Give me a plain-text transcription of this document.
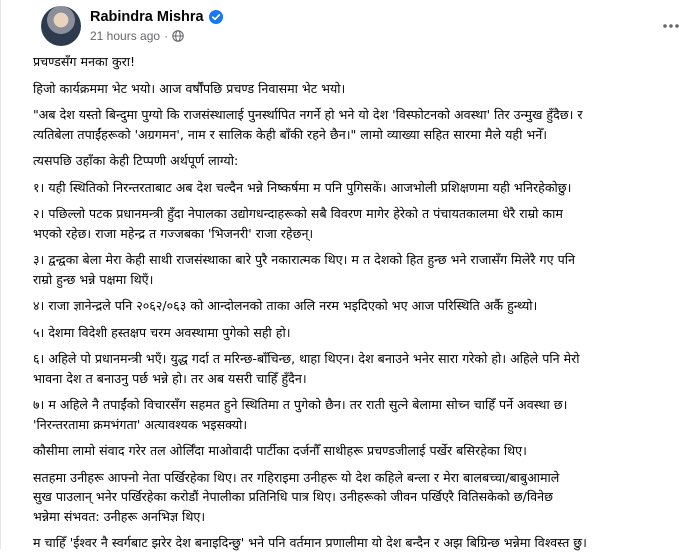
Rabindra Mishra
21 hours ago ·

प्रचण्डसँग मनका कुरा!

हिजो कार्यक्रममा भेट भयो। आज वर्षौंपछि प्रचण्ड निवासमा भेट भयो।

"अब देश यस्तो बिन्दुमा पुग्यो कि राजसंस्थालाई पुनर्स्थापित नगर्ने हो भने यो देश 'विस्फोटनको अवस्था' तिर उन्मुख हुँदैछ। र
त्यतिबेला तपाईंहरूको 'अग्रगमन', नाम र सालिक केही बाँकी रहने छैन।" लामो व्याख्या सहित सारमा मैले यही भनेँ।

त्यसपछि उहाँका केही टिप्पणी अर्थपूर्ण लाग्यो:

१। यही स्थितिको निरन्तरताबाट अब देश चल्दैन भन्ने निष्कर्षमा म पनि पुगिसकें। आजभोली प्रशिक्षणमा यही भनिरहेकोछु।

२। पछिल्लो पटक प्रधानमन्त्री हुँदा नेपालका उद्योगधन्दाहरूको सबै विवरण मागेर हेरेको त पंचायतकालमा धेरै राम्रो काम
भएको रहेछ। राजा महेन्द्र त गज्जबका 'भिजनरी' राजा रहेछन्।

३। द्वन्द्वका बेला मेरा केही साथी राजसंस्थाका बारे पुरै नकारात्मक थिए। म त देशको हित हुन्छ भने राजासँग मिलेरै गए पनि
राम्रो हुन्छ भन्ने पक्षमा थिएँ।

४। राजा ज्ञानेन्द्रले पनि २०६२/०६३ को आन्दोलनको ताका अलि नरम भइदिएको भए आज परिस्थिति अर्कै हुन्थ्यो।

५। देशमा विदेशी हस्तक्षप चरम अवस्थामा पुगेको सही हो।

६। अहिले पो प्रधानमन्त्री भएँ। युद्ध गर्दा त मरिन्छ-बाँचिन्छ, थाहा थिएन। देश बनाउने भनेर सारा गरेको हो। अहिले पनि मेरो
भावना देश त बनाउनु पर्छ भन्ने हो। तर अब यसरी चाहिँ हुँदैन।

७। म अहिले नै तपाईंको विचारसँग सहमत हुने स्थितिमा त पुगेको छैन। तर राती सुत्ने बेलामा सोच्न चाहिँ पर्ने अवस्था छ।
'निरन्तरतामा क्रमभंगता' अत्यावश्यक भइसक्यो।

कौसीमा लामो संवाद गरेर तल ओर्लिँदा माओवादी पार्टीका दर्जनौँ साथीहरू प्रचण्डजीलाई पर्खेर बसिरहेका थिए।

सतहमा उनीहरू आफ्नो नेता पर्खिरहेका थिए। तर गहिराइमा उनीहरू यो देश कहिले बन्ला र मेरा बालबच्चा/बाबुआमाले
सुख पाउलान् भनेर पर्खिरहेका करोडौं नेपालीका प्रतिनिधि पात्र थिए। उनीहरूको जीवन पर्खिएरै वितिसकेको छ/विनेछ
भन्नेमा संभवत: उनीहरू अनभिज्ञ थिए।

म चाहिँ 'ईश्वर नै स्वर्गबाट झरेर देश बनाइदिन्छु' भने पनि वर्तमान प्रणालीमा यो देश बन्दैन र अझ बिग्रिन्छ भन्नेमा विश्वस्त छु।
